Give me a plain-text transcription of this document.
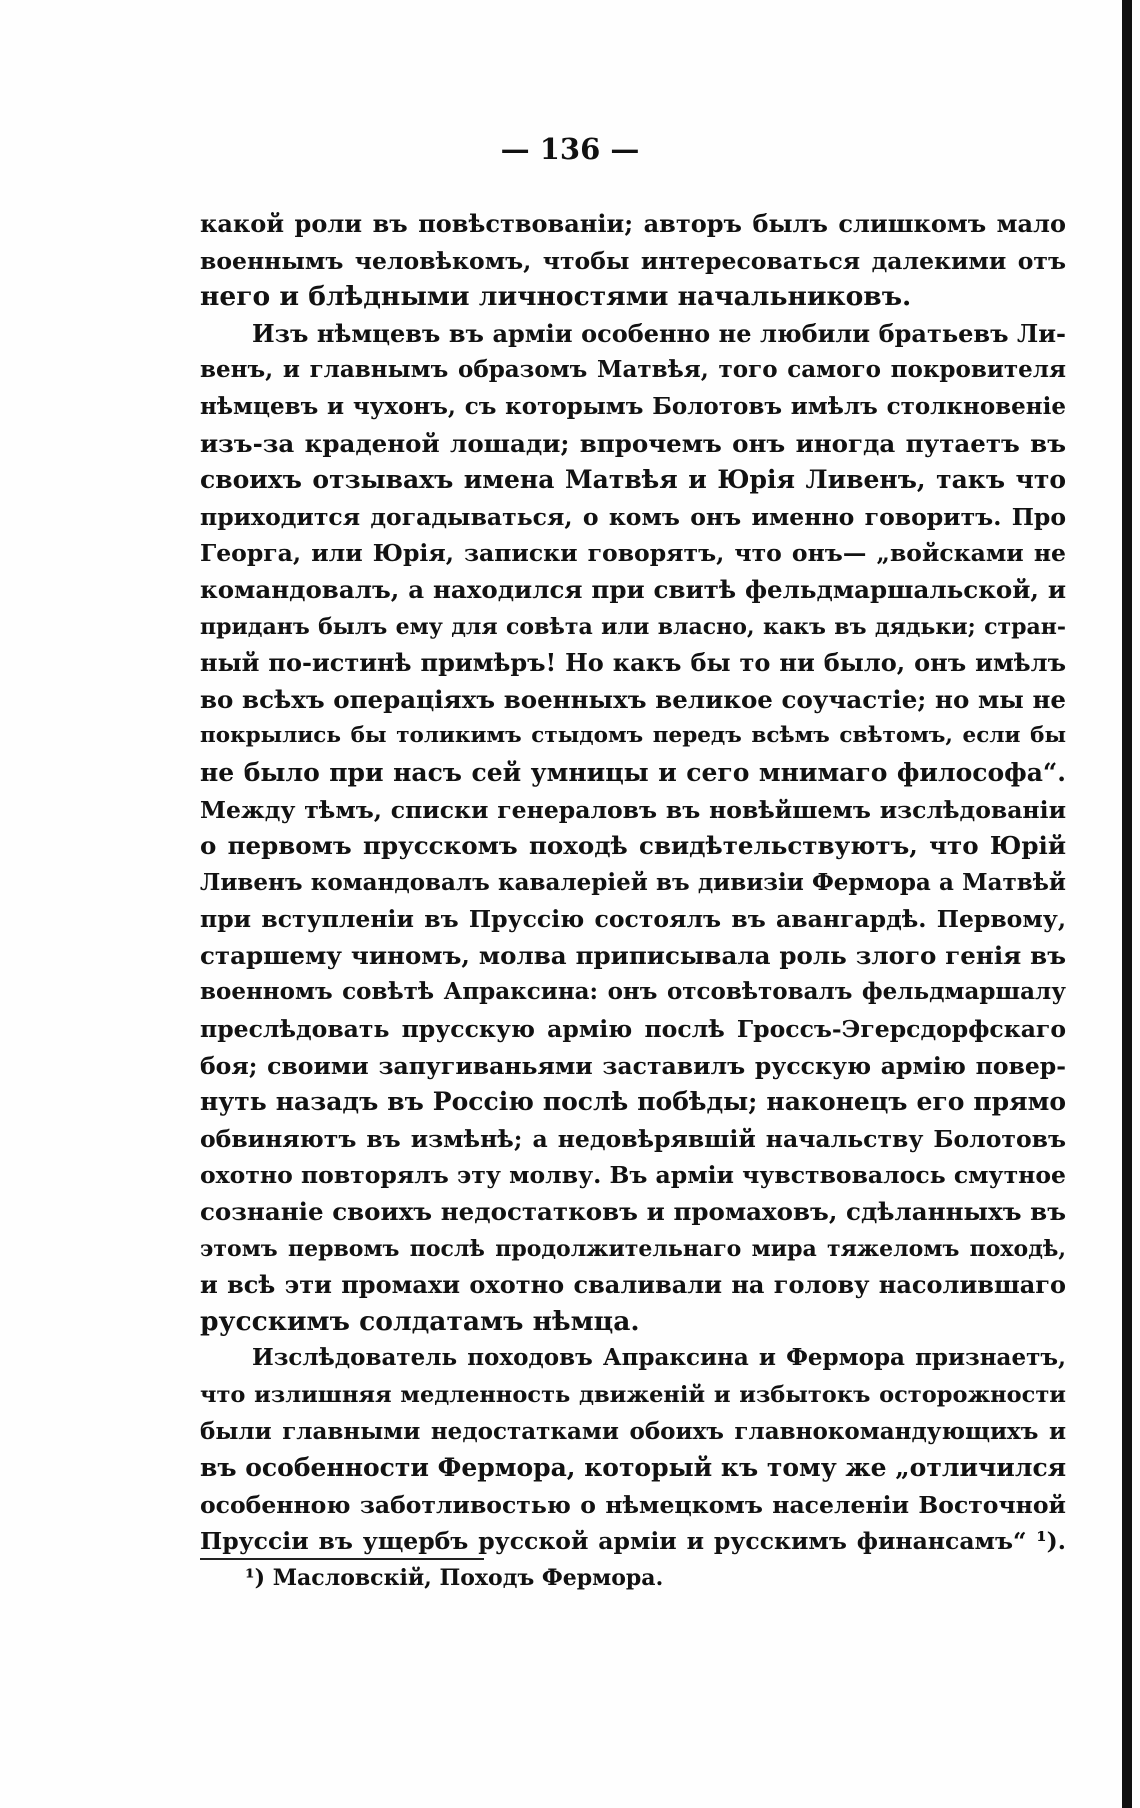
— 136 —
какой роли въ повѣствованіи; авторъ былъ слишкомъ мало
военнымъ человѣкомъ, чтобы интересоваться далекими отъ
него и блѣдными личностями начальниковъ.
Изъ нѣмцевъ въ арміи особенно не любили братьевъ Ли-
венъ, и главнымъ образомъ Матвѣя, того самого покровителя
нѣмцевъ и чухонъ, съ которымъ Болотовъ имѣлъ столкновеніе
изъ-за краденой лошади; впрочемъ онъ иногда путаетъ въ
своихъ отзывахъ имена Матвѣя и Юрія Ливенъ, такъ что
приходится догадываться, о комъ онъ именно говоритъ. Про
Георга, или Юрія, записки говорятъ, что онъ— „войсками не
командовалъ, а находился при свитѣ фельдмаршальской, и
приданъ былъ ему для совѣта или власно, какъ въ дядьки; стран-
ный по-истинѣ примѣръ! Но какъ бы то ни было, онъ имѣлъ
во всѣхъ операціяхъ военныхъ великое соучастіе; но мы не
покрылись бы толикимъ стыдомъ передъ всѣмъ свѣтомъ, если бы
не было при насъ сей умницы и сего мнимаго философа“.
Между тѣмъ, списки генераловъ въ новѣйшемъ изслѣдованіи
о первомъ прусскомъ походѣ свидѣтельствуютъ, что Юрій
Ливенъ командовалъ кавалеріей въ дивизіи Фермора а Матвѣй
при вступленіи въ Пруссію состоялъ въ авангардѣ. Первому,
старшему чиномъ, молва приписывала роль злого генія въ
военномъ совѣтѣ Апраксина: онъ отсовѣтовалъ фельдмаршалу
преслѣдовать прусскую армію послѣ Гроссъ-Эгерсдорфскаго
боя; своими запугиваньями заставилъ русскую армію повер-
нуть назадъ въ Россію послѣ побѣды; наконецъ его прямо
обвиняютъ въ измѣнѣ; а недовѣрявшій начальству Болотовъ
охотно повторялъ эту молву. Въ арміи чувствовалось смутное
сознаніе своихъ недостатковъ и промаховъ, сдѣланныхъ въ
этомъ первомъ послѣ продолжительнаго мира тяжеломъ походѣ,
и всѣ эти промахи охотно сваливали на голову насолившаго
русскимъ солдатамъ нѣмца.
Изслѣдователь походовъ Апраксина и Фермора признаетъ,
что излишняя медленность движеній и избытокъ осторожности
были главными недостатками обоихъ главнокомандующихъ и
въ особенности Фермора, который къ тому же „отличился
особенною заботливостью о нѣмецкомъ населеніи Восточной
Пруссіи въ ущербъ русской арміи и русскимъ финансамъ“ ¹).
¹) Масловскій, Походъ Фермора.
